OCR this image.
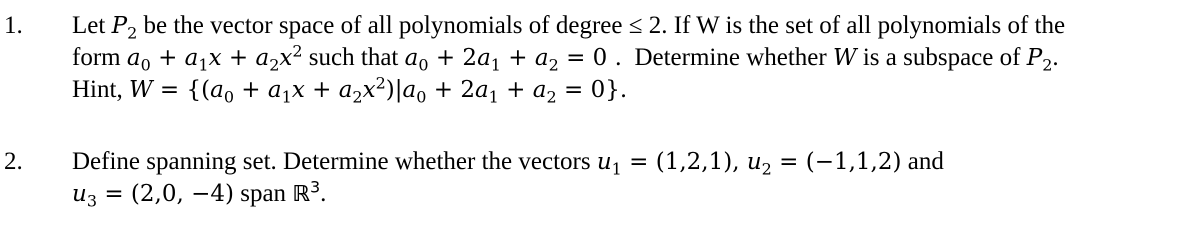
1. Let $P_2$ be the vector space of all polynomials of degree ≤ 2. If W is the set of all polynomials of the
form $a_0 + a_1x + a_2x^2$ such that $a_0 + 2a_1 + a_2 = 0$ .  Determine whether W is a subspace of $P_2$.
Hint, $W = \{(a_0 + a_1x + a_2x^2)|a_0 + 2a_1 + a_2 = 0\}$.
2. Define spanning set. Determine whether the vectors $u_1 = (1,2,1)$, $u_2 = (-1,1,2)$ and
$u_3 = (2,0$, −4) span ℝ$^3$.
